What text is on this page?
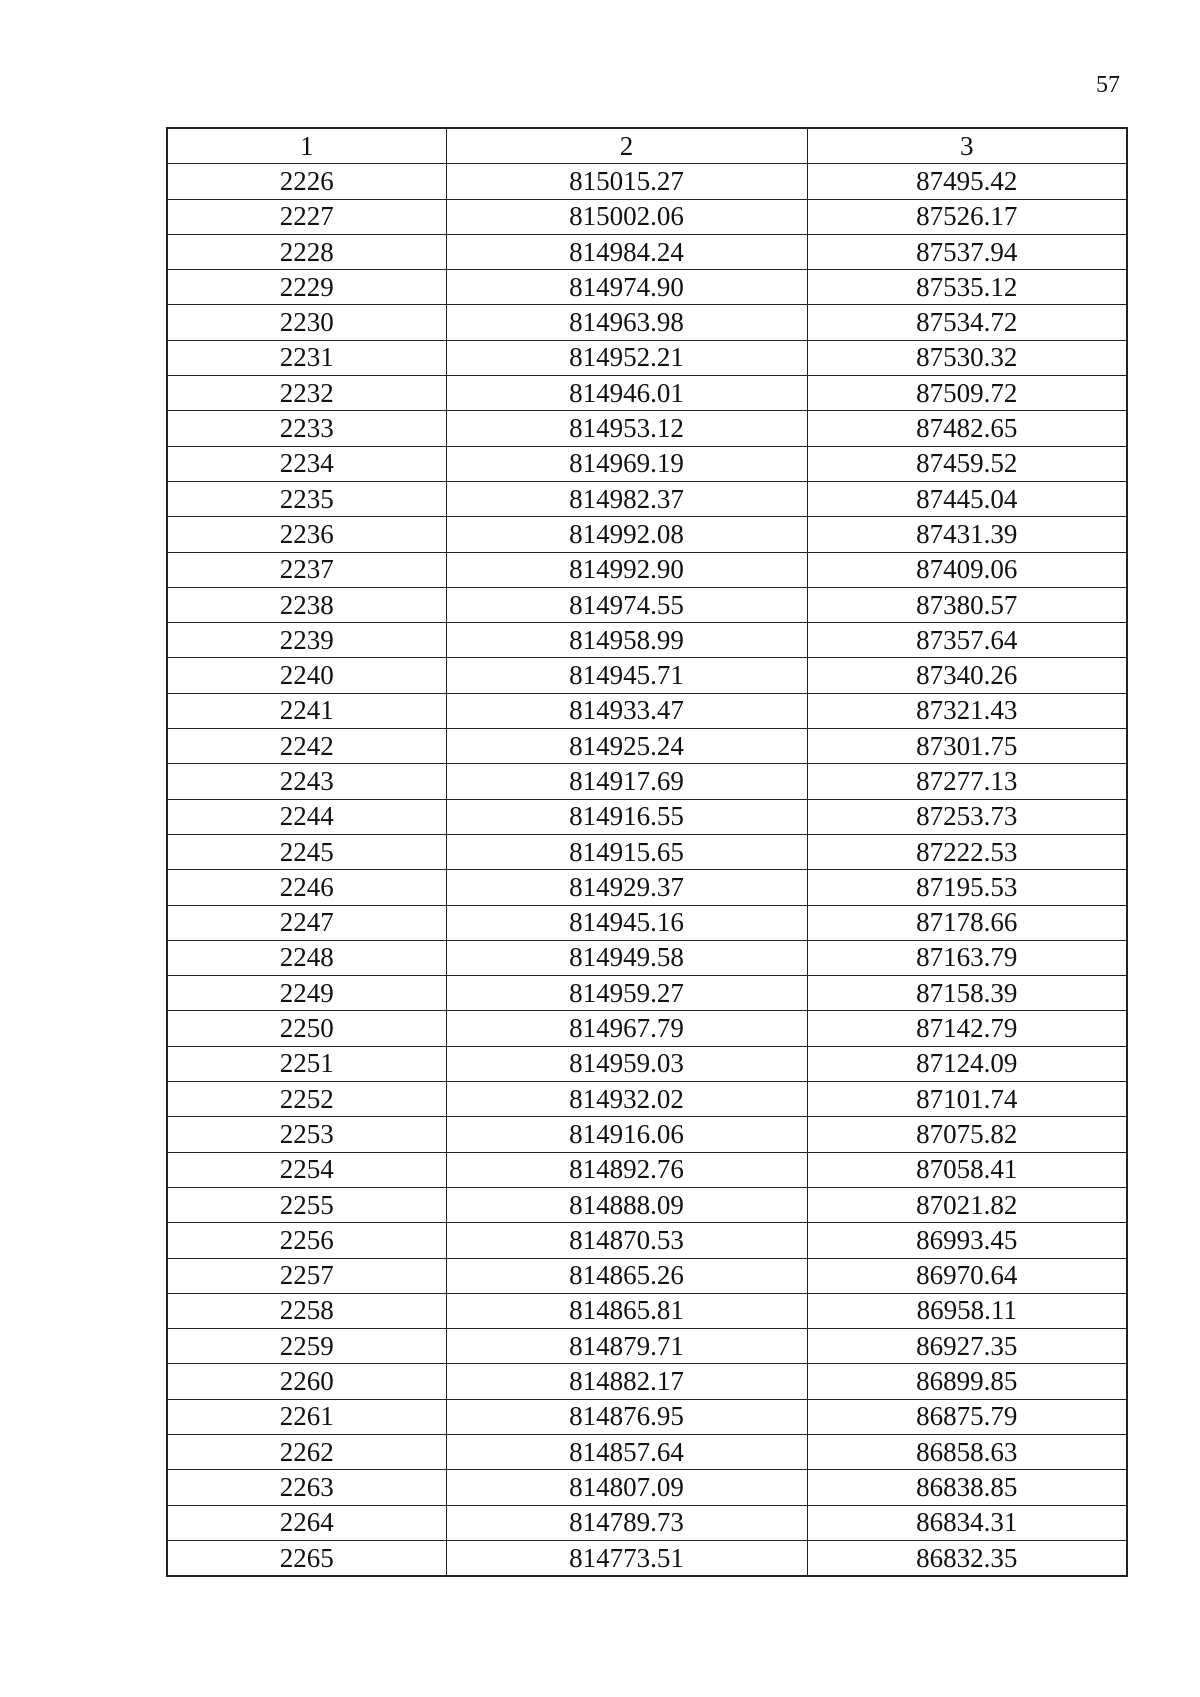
57
1	2	3
2226	815015.27	87495.42
2227	815002.06	87526.17
2228	814984.24	87537.94
2229	814974.90	87535.12
2230	814963.98	87534.72
2231	814952.21	87530.32
2232	814946.01	87509.72
2233	814953.12	87482.65
2234	814969.19	87459.52
2235	814982.37	87445.04
2236	814992.08	87431.39
2237	814992.90	87409.06
2238	814974.55	87380.57
2239	814958.99	87357.64
2240	814945.71	87340.26
2241	814933.47	87321.43
2242	814925.24	87301.75
2243	814917.69	87277.13
2244	814916.55	87253.73
2245	814915.65	87222.53
2246	814929.37	87195.53
2247	814945.16	87178.66
2248	814949.58	87163.79
2249	814959.27	87158.39
2250	814967.79	87142.79
2251	814959.03	87124.09
2252	814932.02	87101.74
2253	814916.06	87075.82
2254	814892.76	87058.41
2255	814888.09	87021.82
2256	814870.53	86993.45
2257	814865.26	86970.64
2258	814865.81	86958.11
2259	814879.71	86927.35
2260	814882.17	86899.85
2261	814876.95	86875.79
2262	814857.64	86858.63
2263	814807.09	86838.85
2264	814789.73	86834.31
2265	814773.51	86832.35
